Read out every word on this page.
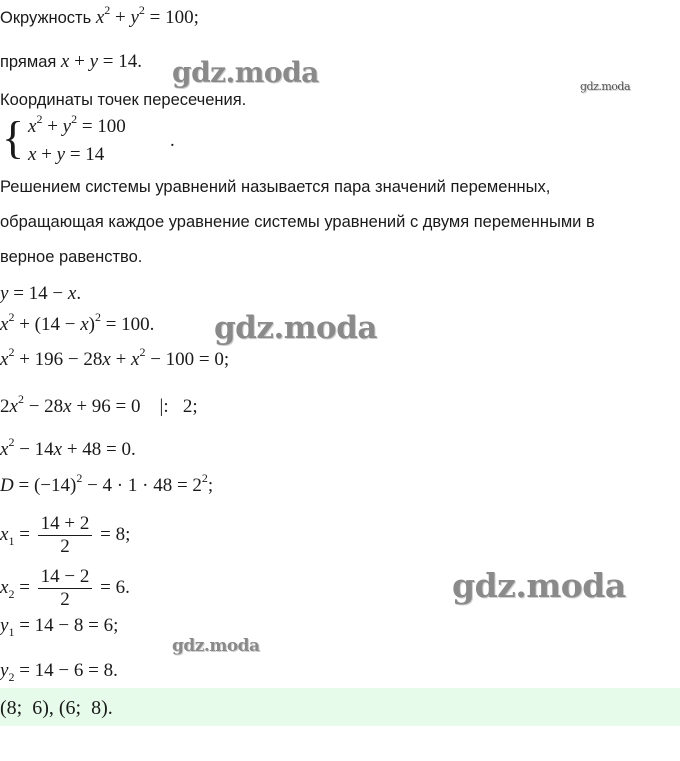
Окружность $x^2 + y^2 = 100$;
прямая x + y = 14.
Координаты точек пересечения.
{ $x^2 + y^2 = 100$
x + y = 14
.
Решением системы уравнений называется пара значений переменных,
обращающая каждое уравнение системы уравнений с двумя переменными в
верное равенство.
y = 14 − x.
$x^2 + (14 - x)^2 = 100$.
$x^2 + 196 - 28x + x^2 - 100 = 0$;
$2x^2 - 28x + 96 = 0$    |:   2;
$x^2 - 14x + 48 = 0$.
$D = (-14)^2 - 4 \cdot 1 \cdot 48 = 2^2$;
$x_1 = \frac{14 + 2}{2} = 8$;
$x_2 = \frac{14 - 2}{2} = 6$.
$y_1 = 14 - 8 = 6$;
$y_2 = 14 - 6 = 8$.
(8;  6), (6;  8).
gdz.moda	gdz.moda
gdz.moda
gdz.moda
gdz.moda
